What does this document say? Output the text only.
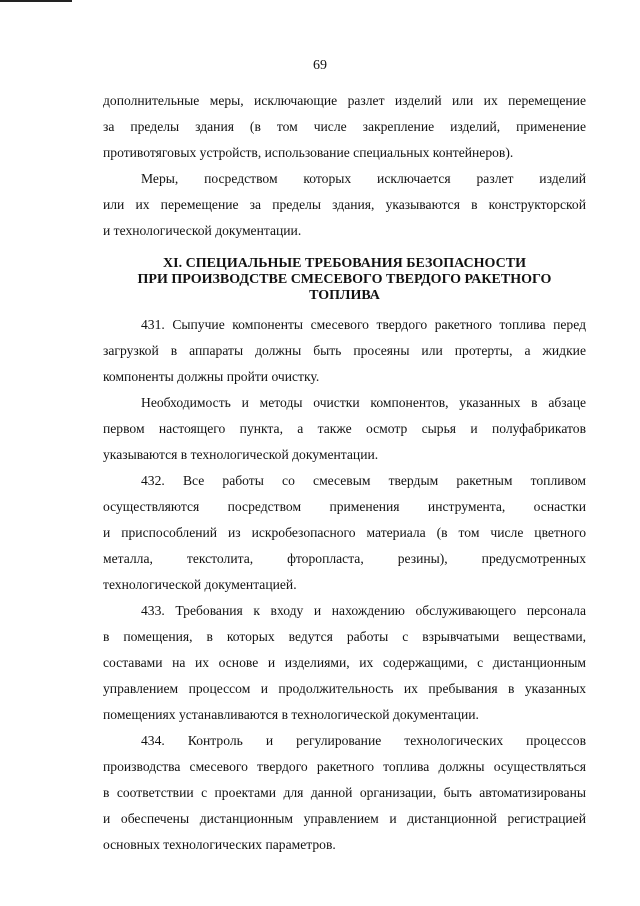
69

дополнительные меры, исключающие разлет изделий или их перемещение
за пределы здания (в том числе закрепление изделий, применение
противотяговых устройств, использование специальных контейнеров).

Меры, посредством которых исключается разлет изделий
или их перемещение за пределы здания, указываются в конструкторской
и технологической документации.

XI. СПЕЦИАЛЬНЫЕ ТРЕБОВАНИЯ БЕЗОПАСНОСТИ
ПРИ ПРОИЗВОДСТВЕ СМЕСЕВОГО ТВЕРДОГО РАКЕТНОГО
ТОПЛИВА

431. Сыпучие компоненты смесевого твердого ракетного топлива перед
загрузкой в аппараты должны быть просеяны или протерты, а жидкие
компоненты должны пройти очистку.

Необходимость и методы очистки компонентов, указанных в абзаце
первом настоящего пункта, а также осмотр сырья и полуфабрикатов
указываются в технологической документации.

432. Все работы со смесевым твердым ракетным топливом
осуществляются посредством применения инструмента, оснастки
и приспособлений из искробезопасного материала (в том числе цветного
металла, текстолита, фторопласта, резины), предусмотренных
технологической документацией.

433. Требования к входу и нахождению обслуживающего персонала
в помещения, в которых ведутся работы с взрывчатыми веществами,
составами на их основе и изделиями, их содержащими, с дистанционным
управлением процессом и продолжительность их пребывания в указанных
помещениях устанавливаются в технологической документации.

434. Контроль и регулирование технологических процессов
производства смесевого твердого ракетного топлива должны осуществляться
в соответствии с проектами для данной организации, быть автоматизированы
и обеспечены дистанционным управлением и дистанционной регистрацией
основных технологических параметров.
